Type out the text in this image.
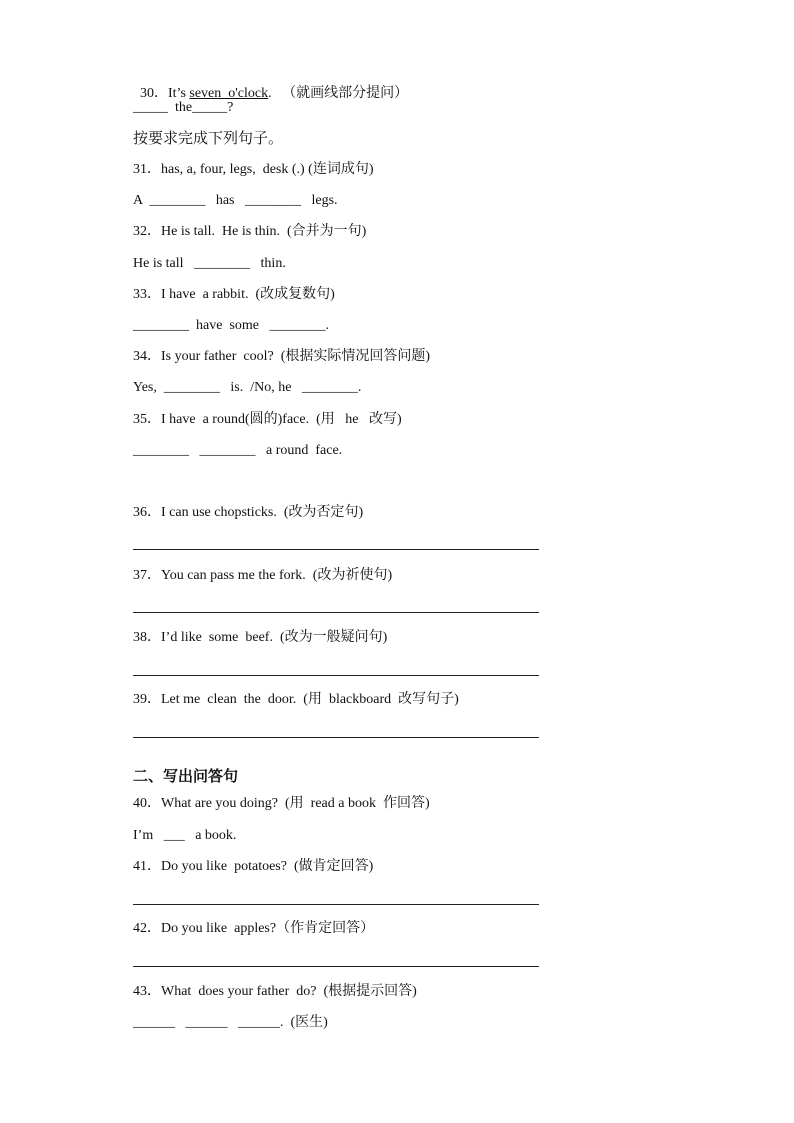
30．It’s seven  o'clock.   （就画线部分提问）

_____  the_____?
按要求完成下列句子。
31．has, a, four, legs,  desk (.) (连词成句)
A  ________   has   ________   legs.
32．He is tall.  He is thin.  (合并为一句)
He is tall   ________   thin.
33．I have  a rabbit.  (改成复数句)
________  have  some   ________.
34．Is your father  cool?  (根据实际情况回答问题)
Yes,  ________   is.  /No, he   ________.
35．I have  a round(圆的)face.  (用   he   改写)
________   ________   a round  face.
36．I can use chopsticks.  (改为否定句)
37．You can pass me the fork.  (改为祈使句)
38．I’d like  some  beef.  (改为一般疑问句)
39．Let me  clean  the  door.  (用  blackboard  改写句子)
二、写出问答句
40．What are you doing?  (用  read a book  作回答)
I’m   ___   a book.
41．Do you like  potatoes?  (做肯定回答)
42．Do you like  apples?（作肯定回答）
43．What  does your father  do?  (根据提示回答)
______   ______   ______.  (医生)
